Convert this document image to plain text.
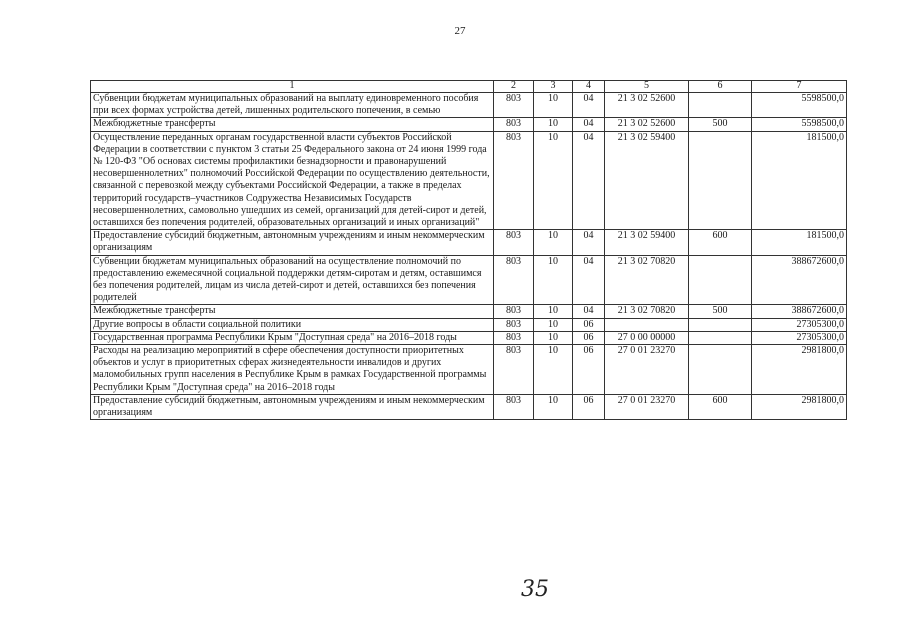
27
1	2	3	4	5	6	7
Субвенции бюджетам муниципальных образований на выплату единовременного пособия при всех формах устройства детей, лишенных родительского попечения, в семью	803	10	04	21 3 02 52600		5598500,0
Межбюджетные трансферты	803	10	04	21 3 02 52600	500	5598500,0
Осуществление переданных органам государственной власти субъектов Российской Федерации в соответствии с пунктом 3 статьи 25 Федерального закона от 24 июня 1999 года № 120-ФЗ "Об основах системы профилактики безнадзорности и правонарушений несовершеннолетних" полномочий Российской Федерации по осуществлению деятельности, связанной с перевозкой между субъектами Российской Федерации, а также в пределах территорий государств–участников Содружества Независимых Государств несовершеннолетних, самовольно ушедших из семей, организаций для детей-сирот и детей, оставшихся без попечения родителей, образовательных организаций и иных организаций"	803	10	04	21 3 02 59400		181500,0
Предоставление субсидий бюджетным, автономным учреждениям и иным некоммерческим организациям	803	10	04	21 3 02 59400	600	181500,0
Субвенции бюджетам муниципальных образований на осуществление полномочий по предоставлению ежемесячной социальной поддержки детям-сиротам и детям, оставшимся без попечения родителей, лицам из числа детей-сирот и детей, оставшихся без попечения родителей	803	10	04	21 3 02 70820		388672600,0
Межбюджетные трансферты	803	10	04	21 3 02 70820	500	388672600,0
Другие вопросы в области социальной политики	803	10	06			27305300,0
Государственная программа Республики Крым "Доступная среда" на 2016–2018 годы	803	10	06	27 0 00 00000		27305300,0
Расходы на реализацию мероприятий в сфере обеспечения доступности приоритетных объектов и услуг в приоритетных сферах жизнедеятельности инвалидов и других маломобильных групп населения в Республике Крым в рамках Государственной программы Республики Крым "Доступная среда" на 2016–2018 годы	803	10	06	27 0 01 23270		2981800,0
Предоставление субсидий бюджетным, автономным учреждениям и иным некоммерческим организациям	803	10	06	27 0 01 23270	600	2981800,0
35
